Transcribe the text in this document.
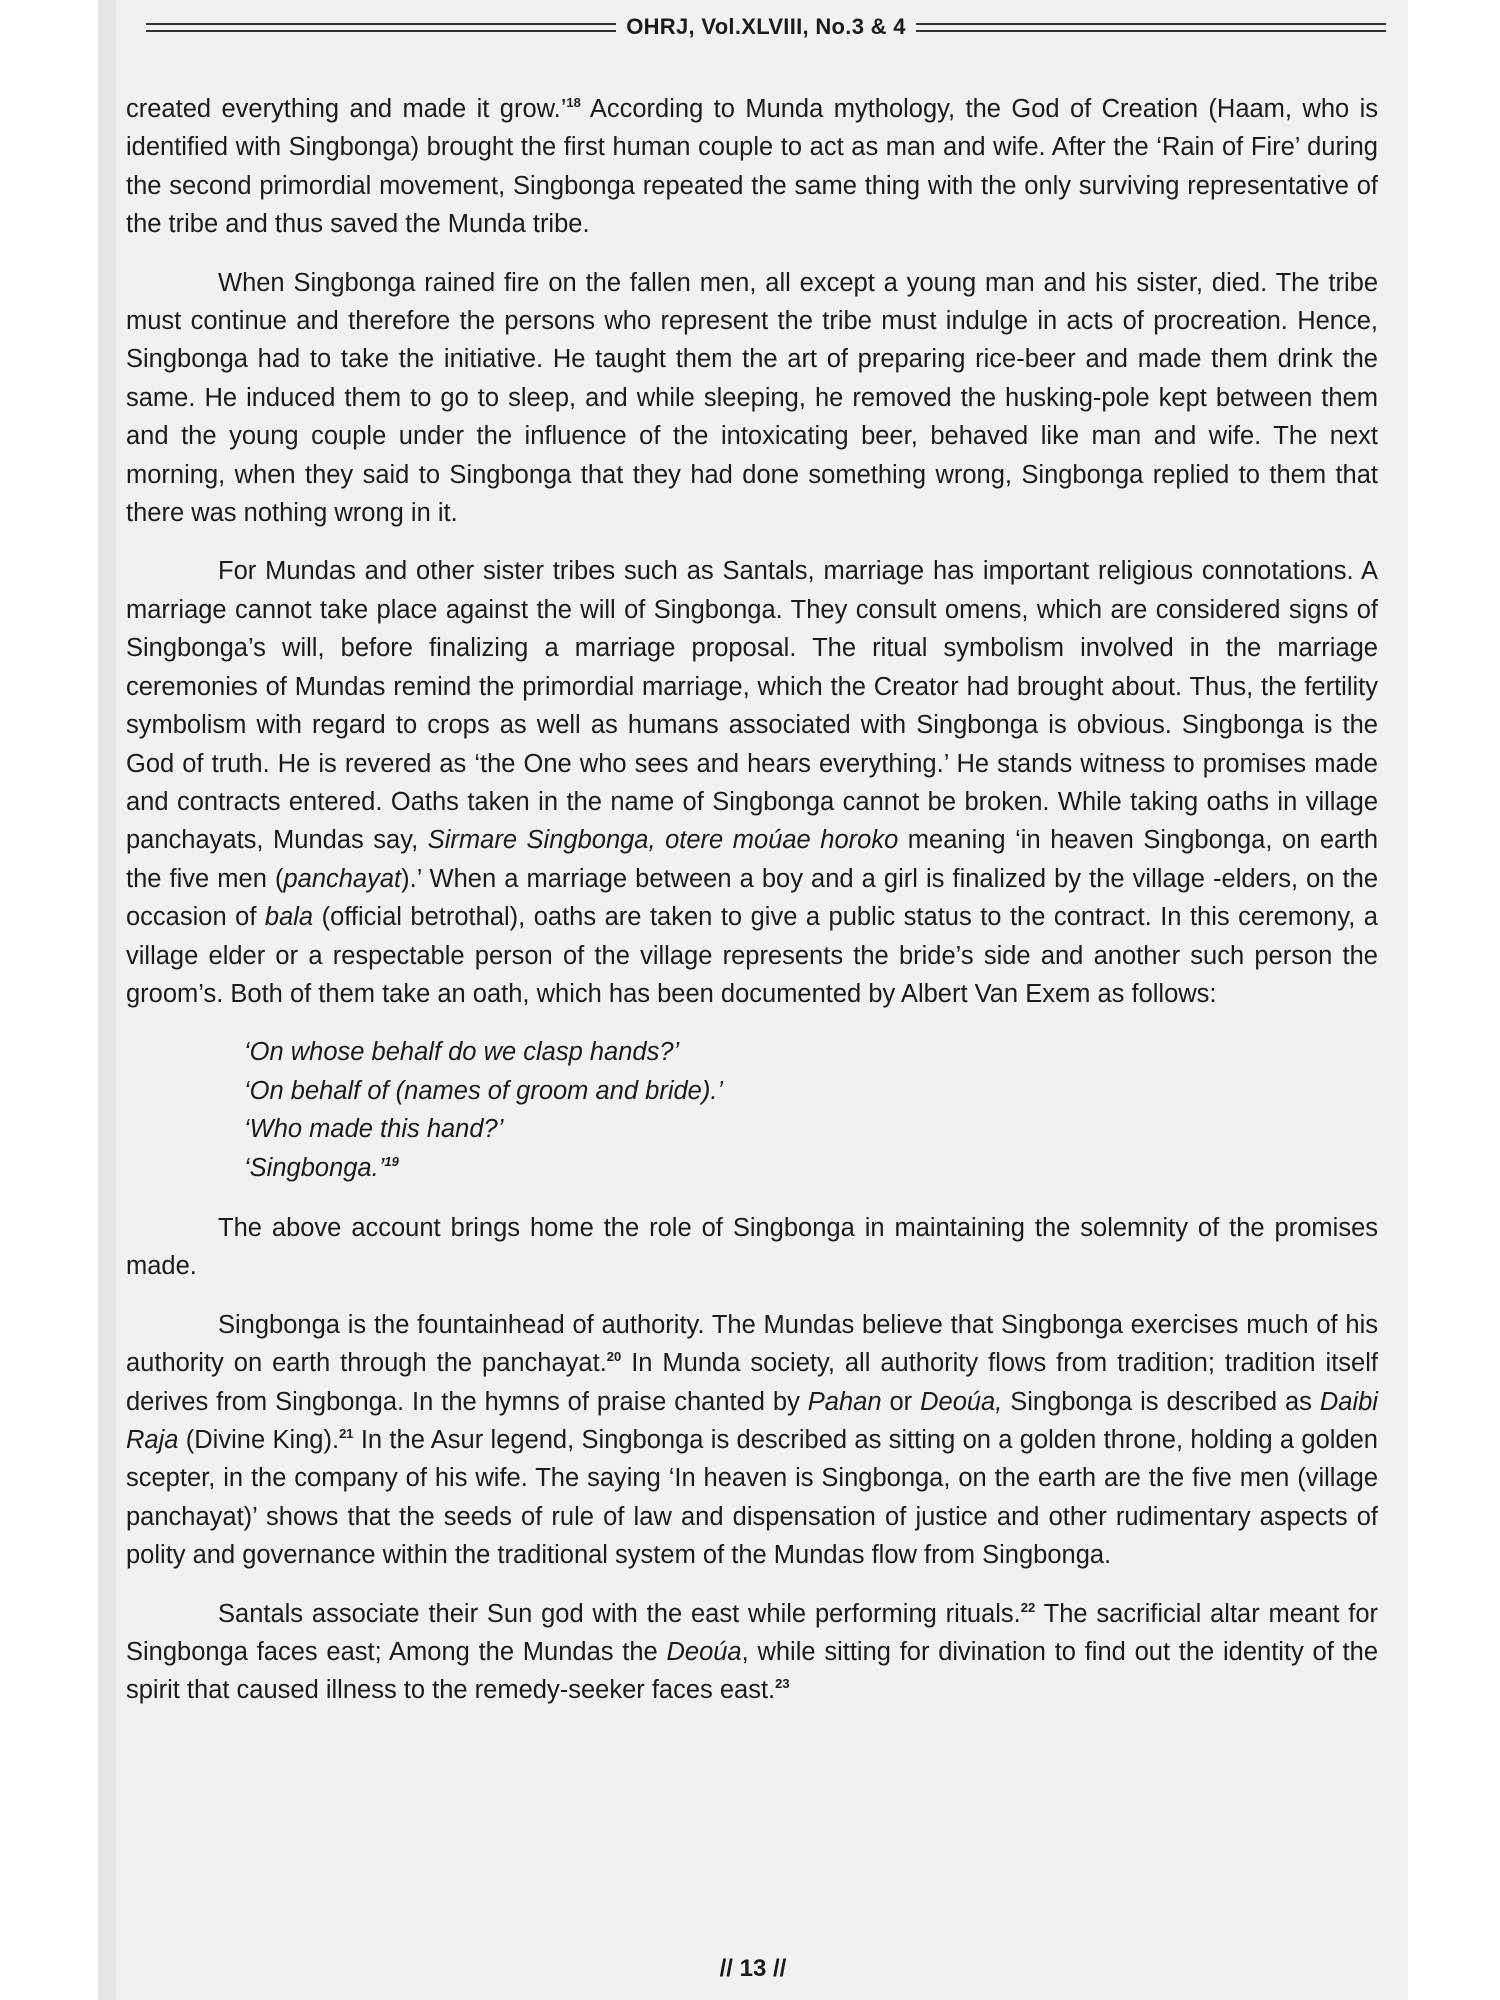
OHRJ, Vol.XLVIII, No.3 & 4

created everything and made it grow.’$^{18}$ According to Munda mythology, the God of Creation (Haam, who is identified with Singbonga) brought the first human couple to act as man and wife. After the ‘Rain of Fire’ during the second primordial movement, Singbonga repeated the same thing with the only surviving representative of the tribe and thus saved the Munda tribe.

When Singbonga rained fire on the fallen men, all except a young man and his sister, died. The tribe must continue and therefore the persons who represent the tribe must indulge in acts of procreation. Hence, Singbonga had to take the initiative. He taught them the art of preparing rice-beer and made them drink the same. He induced them to go to sleep, and while sleeping, he removed the husking-pole kept between them and the young couple under the influence of the intoxicating beer, behaved like man and wife. The next morning, when they said to Singbonga that they had done something wrong, Singbonga replied to them that there was nothing wrong in it.

For Mundas and other sister tribes such as Santals, marriage has important religious connotations. A marriage cannot take place against the will of Singbonga. They consult omens, which are considered signs of Singbonga’s will, before finalizing a marriage proposal. The ritual symbolism involved in the marriage ceremonies of Mundas remind the primordial marriage, which the Creator had brought about. Thus, the fertility symbolism with regard to crops as well as humans associated with Singbonga is obvious. Singbonga is the God of truth. He is revered as ‘the One who sees and hears everything.’ He stands witness to promises made and contracts entered. Oaths taken in the name of Singbonga cannot be broken. While taking oaths in village panchayats, Mundas say, Sirmare Singbonga, otere moúae horoko meaning ‘in heaven Singbonga, on earth the five men (panchayat).’ When a marriage between a boy and a girl is finalized by the village -elders, on the occasion of bala (official betrothal), oaths are taken to give a public status to the contract. In this ceremony, a village elder or a respectable person of the village represents the bride’s side and another such person the groom’s. Both of them take an oath, which has been documented by Albert Van Exem as follows:

‘On whose behalf do we clasp hands?’
‘On behalf of (names of groom and bride).’
‘Who made this hand?’
‘Singbonga.’$^{19}$

The above account brings home the role of Singbonga in maintaining the solemnity of the promises made.

Singbonga is the fountainhead of authority. The Mundas believe that Singbonga exercises much of his authority on earth through the panchayat.$^{20}$ In Munda society, all authority flows from tradition; tradition itself derives from Singbonga. In the hymns of praise chanted by Pahan or Deoúa, Singbonga is described as Daibi Raja (Divine King).$^{21}$ In the Asur legend, Singbonga is described as sitting on a golden throne, holding a golden scepter, in the company of his wife. The saying ‘In heaven is Singbonga, on the earth are the five men (village panchayat)’ shows that the seeds of rule of law and dispensation of justice and other rudimentary aspects of polity and governance within the traditional system of the Mundas flow from Singbonga.

Santals associate their Sun god with the east while performing rituals.$^{22}$ The sacrificial altar meant for Singbonga faces east; Among the Mundas the Deoúa, while sitting for divination to find out the identity of the spirit that caused illness to the remedy-seeker faces east.$^{23}$

// 13 //
